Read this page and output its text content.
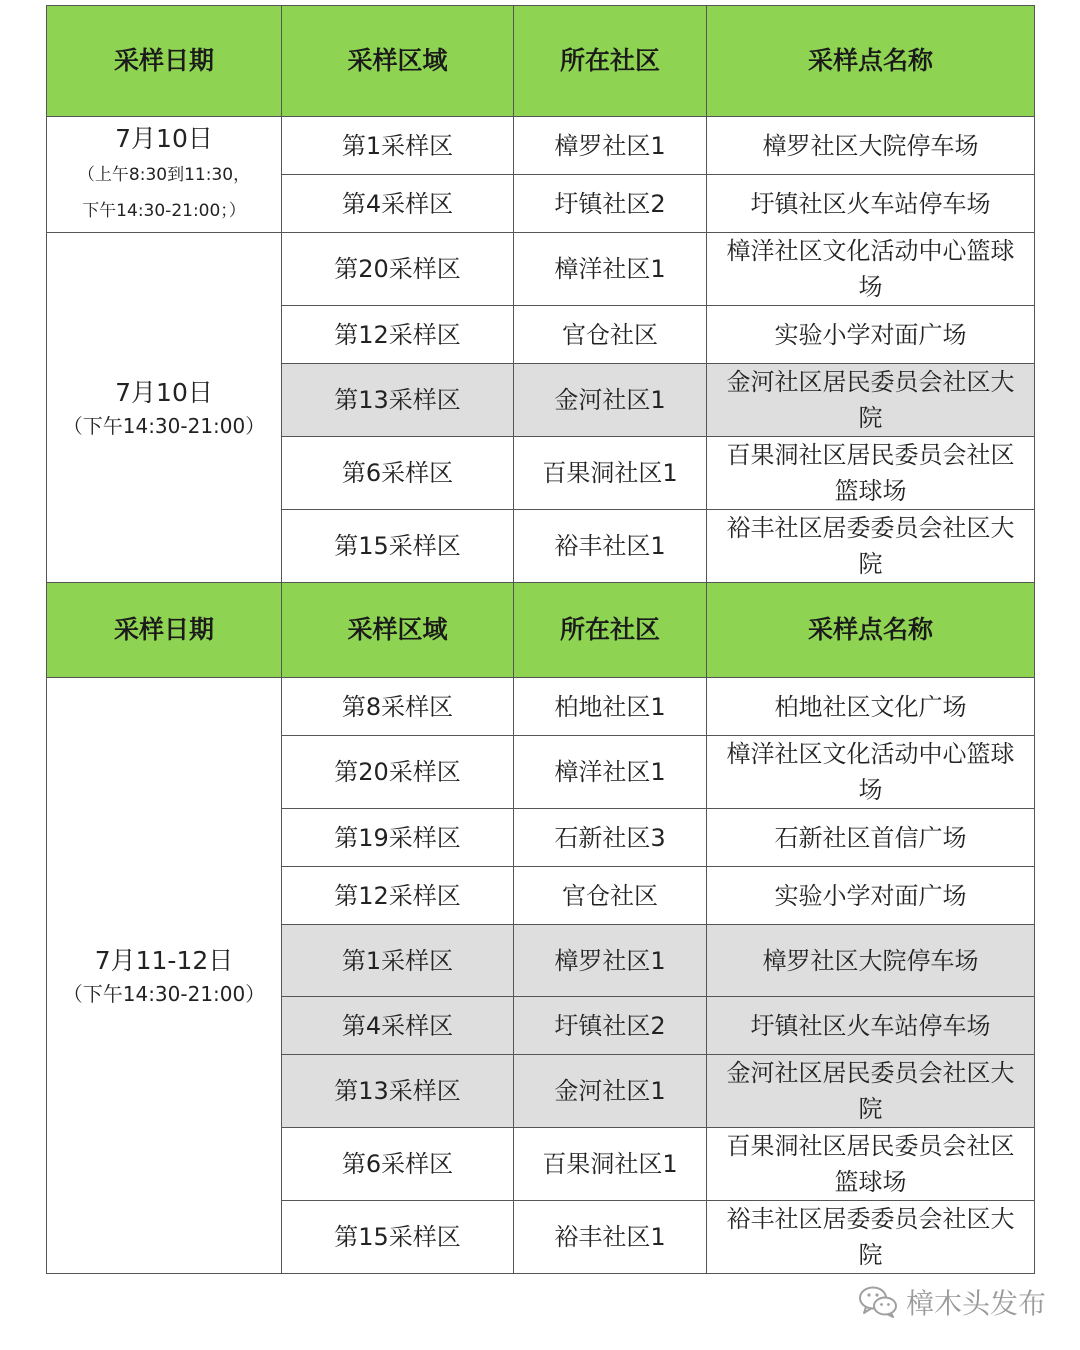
采样日期	采样区域	所在社区	采样点名称

7月10日
（上午8:30到11:30，
下午14:30-21:00；）	第1采样区	樟罗社区1	樟罗社区大院停车场
	第4采样区	圩镇社区2	圩镇社区火车站停车场

7月10日
（下午14:30-21:00）	第20采样区	樟洋社区1	樟洋社区文化活动中心篮球场
	第12采样区	官仓社区	实验小学对面广场
	第13采样区	金河社区1	金河社区居民委员会社区大院
	第6采样区	百果洞社区1	百果洞社区居民委员会社区篮球场
	第15采样区	裕丰社区1	裕丰社区居委委员会社区大院
采样日期	采样区域	所在社区	采样点名称

7月11-12日
（下午14:30-21:00）	第8采样区	柏地社区1	柏地社区文化广场
	第20采样区	樟洋社区1	樟洋社区文化活动中心篮球场
	第19采样区	石新社区3	石新社区首信广场
	第12采样区	官仓社区	实验小学对面广场
	第1采样区	樟罗社区1	樟罗社区大院停车场
	第4采样区	圩镇社区2	圩镇社区火车站停车场
	第13采样区	金河社区1	金河社区居民委员会社区大院
	第6采样区	百果洞社区1	百果洞社区居民委员会社区篮球场
	第15采样区	裕丰社区1	裕丰社区居委委员会社区大院
樟木头发布
